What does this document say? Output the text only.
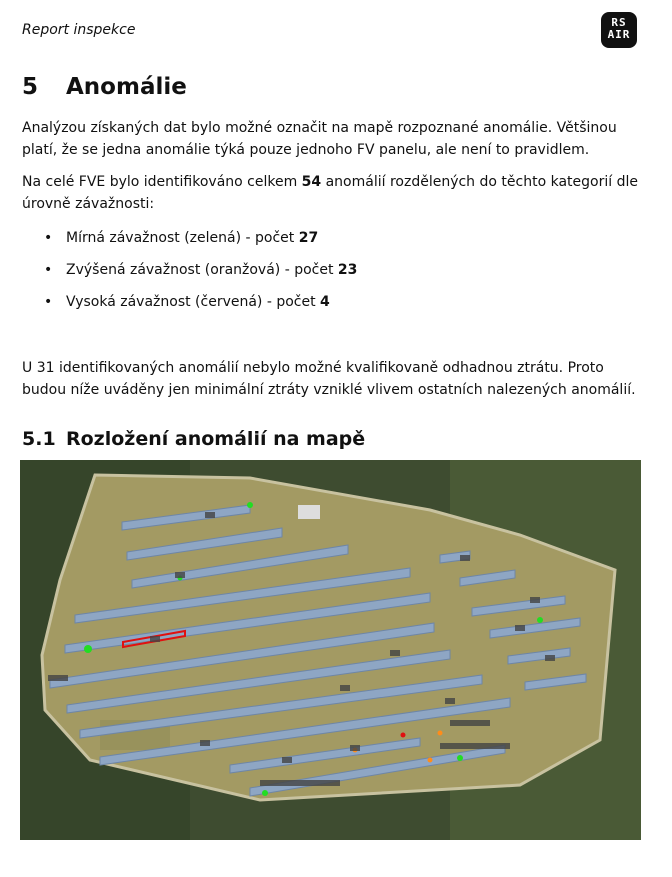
Report inspekce	RS
AIR
5 Anomálie

Analýzou získaných dat bylo možné označit na mapě rozpoznané anomálie. Většinou platí, že se jedna anomálie týká pouze jednoho FV panelu, ale není to pravidlem.

Na celé FVE bylo identifikováno celkem 54 anomálií rozdělených do těchto kategorií dle úrovně závažnosti:

• Mírná závažnost (zelená) - počet 27
• Zvýšená závažnost (oranžová) - počet 23
• Vysoká závažnost (červená) - počet 4

U 31 identifikovaných anomálií nebylo možné kvalifikovaně odhadnou ztrátu. Proto budou níže uváděny jen minimální ztráty vzniklé vlivem ostatních nalezených anomálií.

5.1 Rozložení anomálií na mapě
